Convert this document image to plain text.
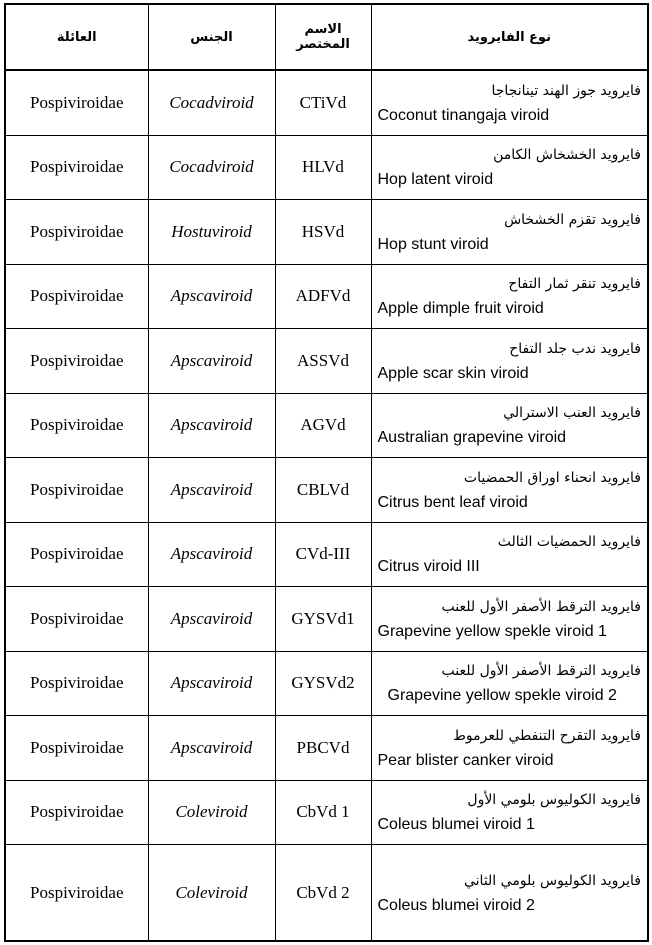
العائلة	الجنس	الاسم المختصر	نوع الفايرويد
Pospiviroidae	Cocadviroid	CTiVd	فايرويد جوز الهند تينانجاجا
Coconut tinangaja viroid

Pospiviroidae	Cocadviroid	HLVd	فايرويد الخشخاش الكامن
Hop latent viroid

Pospiviroidae	Hostuviroid	HSVd	فايرويد تقزم الخشخاش
Hop stunt viroid

Pospiviroidae	Apscaviroid	ADFVd	فايرويد تنقر ثمار التفاح
Apple dimple fruit viroid

Pospiviroidae	Apscaviroid	ASSVd	فايرويد ندب جلد التفاح
Apple scar skin viroid

Pospiviroidae	Apscaviroid	AGVd	فايرويد العنب الاسترالي
Australian grapevine viroid

Pospiviroidae	Apscaviroid	CBLVd	فايرويد انحناء اوراق الحمضيات
Citrus bent leaf viroid

Pospiviroidae	Apscaviroid	CVd-III	فايرويد الحمضيات الثالث
Citrus viroid III

Pospiviroidae	Apscaviroid	GYSVd1	فايرويد الترقط الأصفر الأول للعنب
Grapevine yellow spekle viroid 1

Pospiviroidae	Apscaviroid	GYSVd2	فايرويد الترقط الأصفر الأول للعنب
Grapevine yellow spekle viroid 2

Pospiviroidae	Apscaviroid	PBCVd	فايرويد التقرح التنفطي للعرموط
Pear blister canker viroid

Pospiviroidae	Coleviroid	CbVd 1	فايرويد الكوليوس بلومي الأول
Coleus blumei viroid 1

Pospiviroidae	Coleviroid	CbVd 2	فايرويد الكوليوس بلومي الثاني
Coleus blumei viroid 2
